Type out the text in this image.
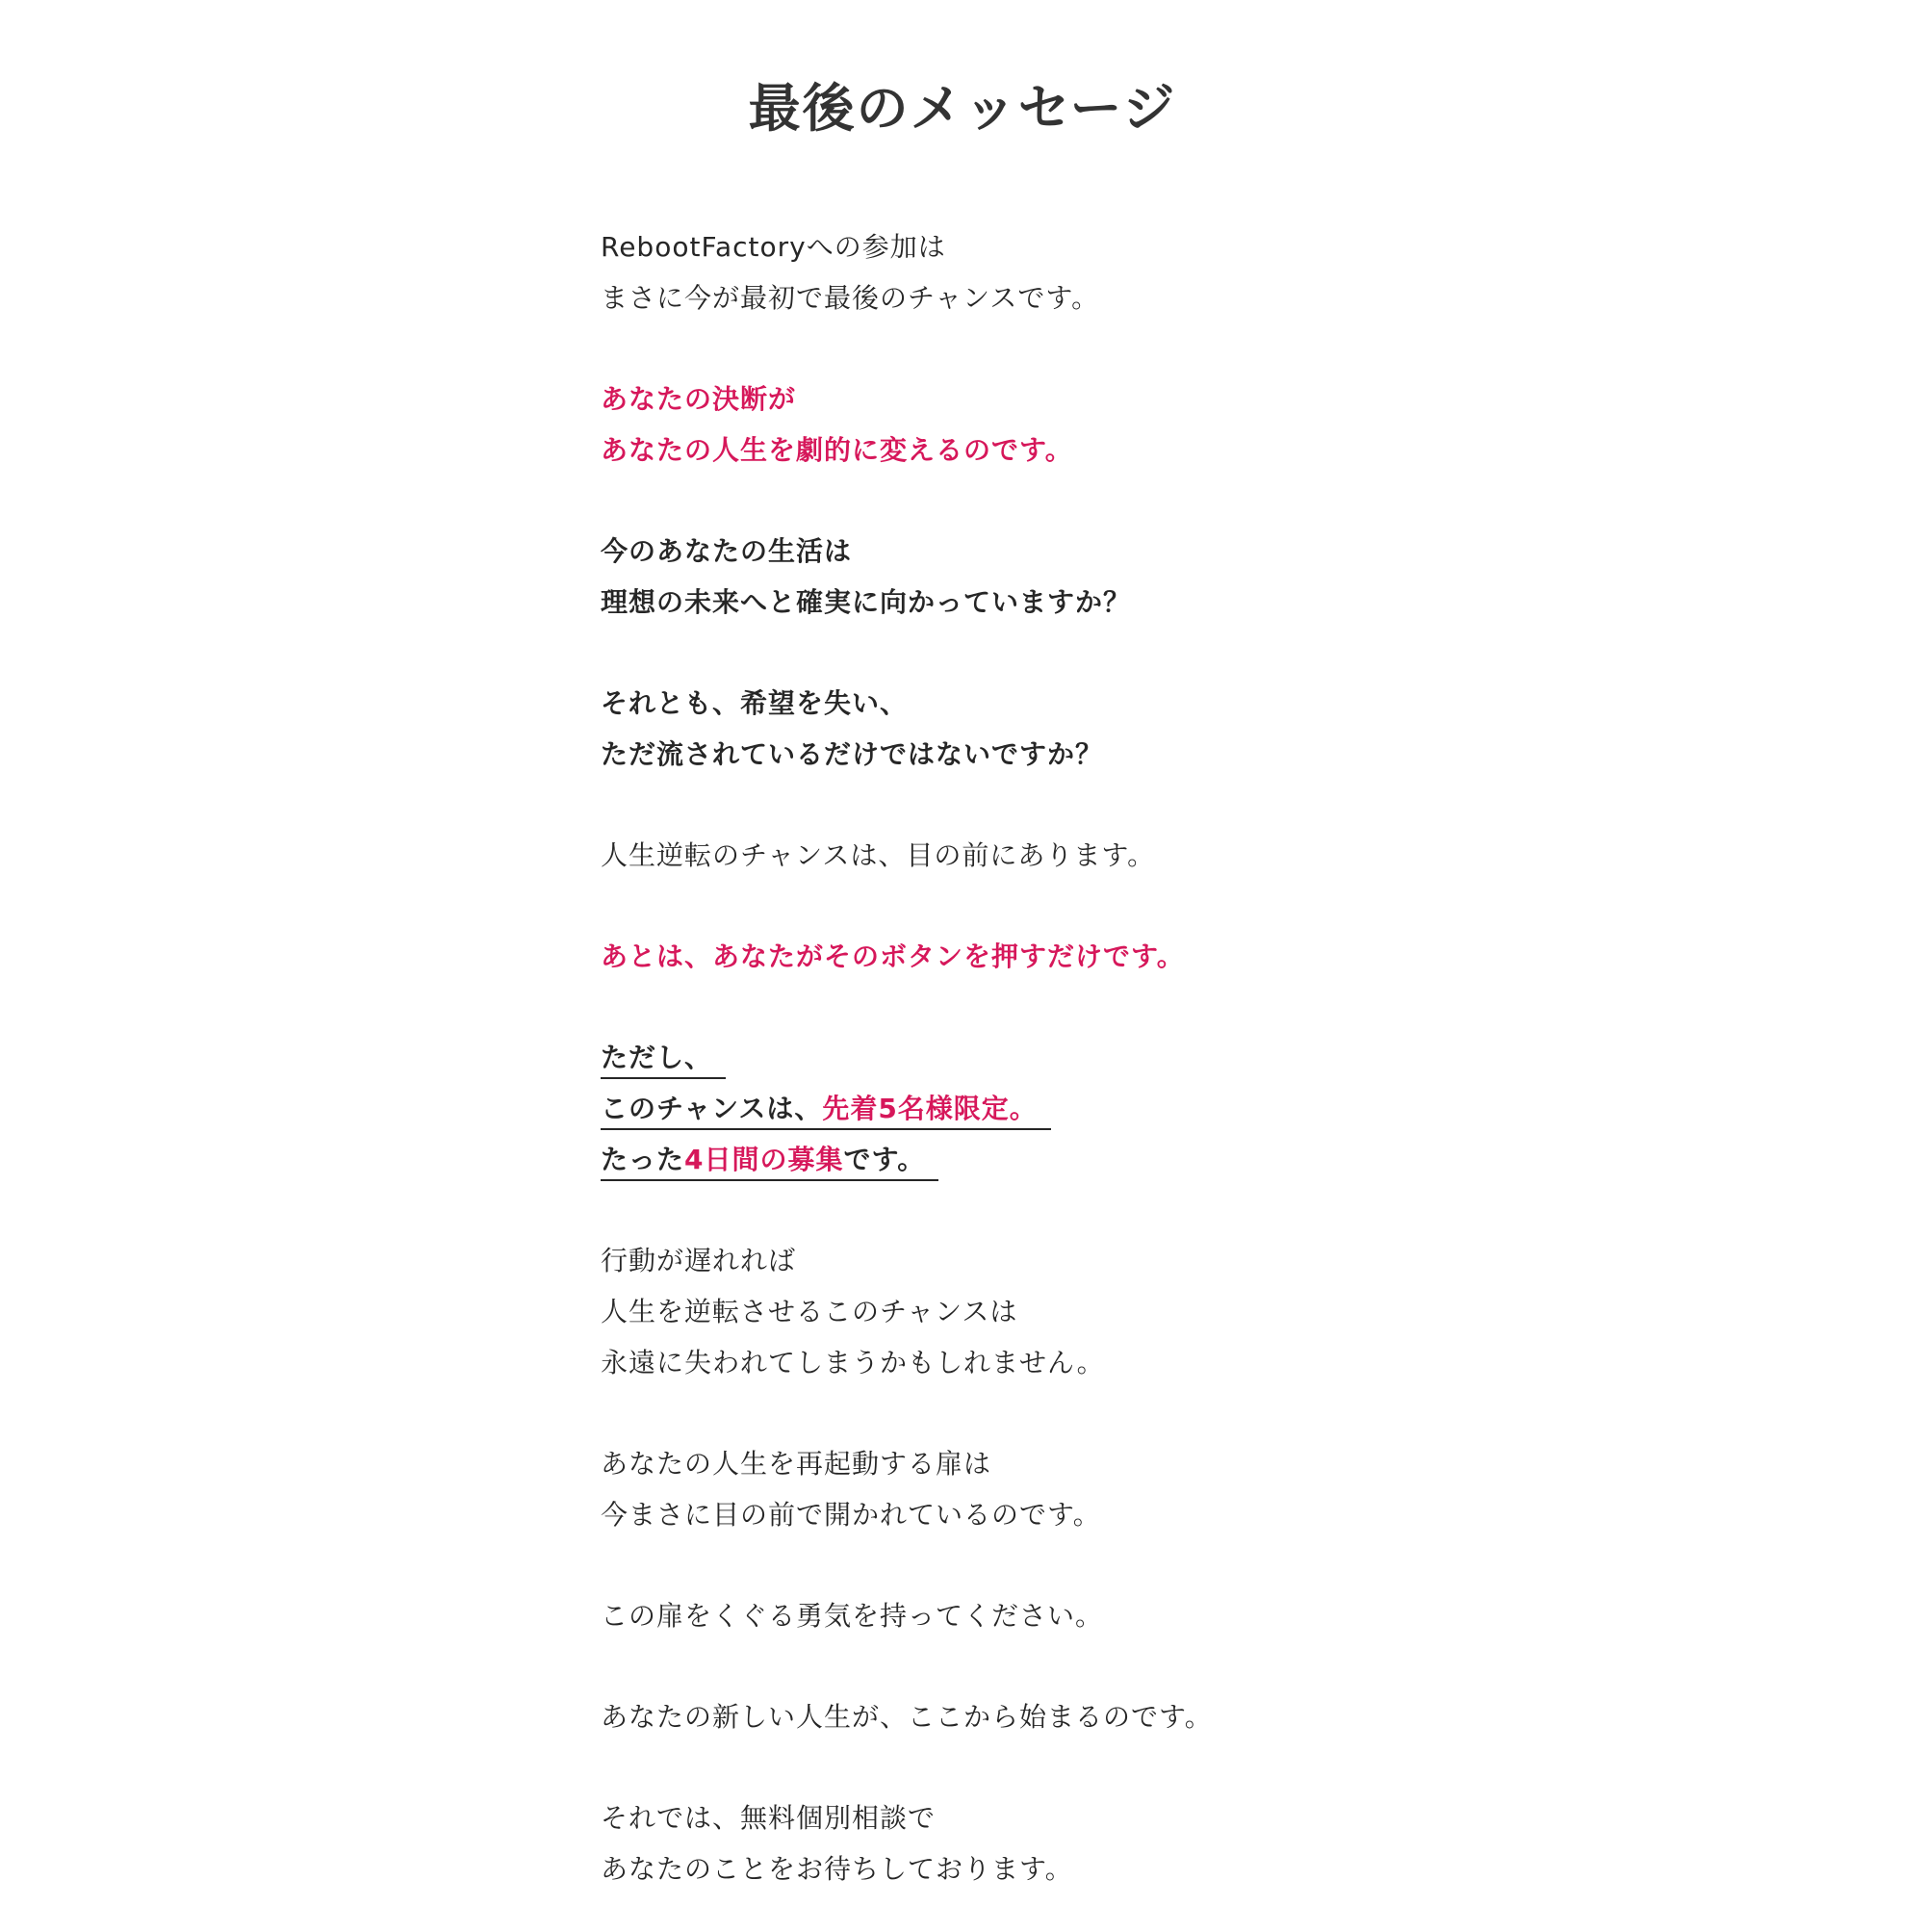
最後のメッセージ
RebootFactoryへの参加は
まさに今が最初で最後のチャンスです。
あなたの決断が
あなたの人生を劇的に変えるのです。
今のあなたの生活は
理想の未来へと確実に向かっていますか？
それとも、希望を失い、
ただ流されているだけではないですか？
人生逆転のチャンスは、目の前にあります。
あとは、あなたがそのボタンを押すだけです。
ただし、
このチャンスは、先着5名様限定。
たった4日間の募集です。
行動が遅れれば
人生を逆転させるこのチャンスは
永遠に失われてしまうかもしれません。
あなたの人生を再起動する扉は
今まさに目の前で開かれているのです。
この扉をくぐる勇気を持ってください。
あなたの新しい人生が、ここから始まるのです。
それでは、無料個別相談で
あなたのことをお待ちしております。
